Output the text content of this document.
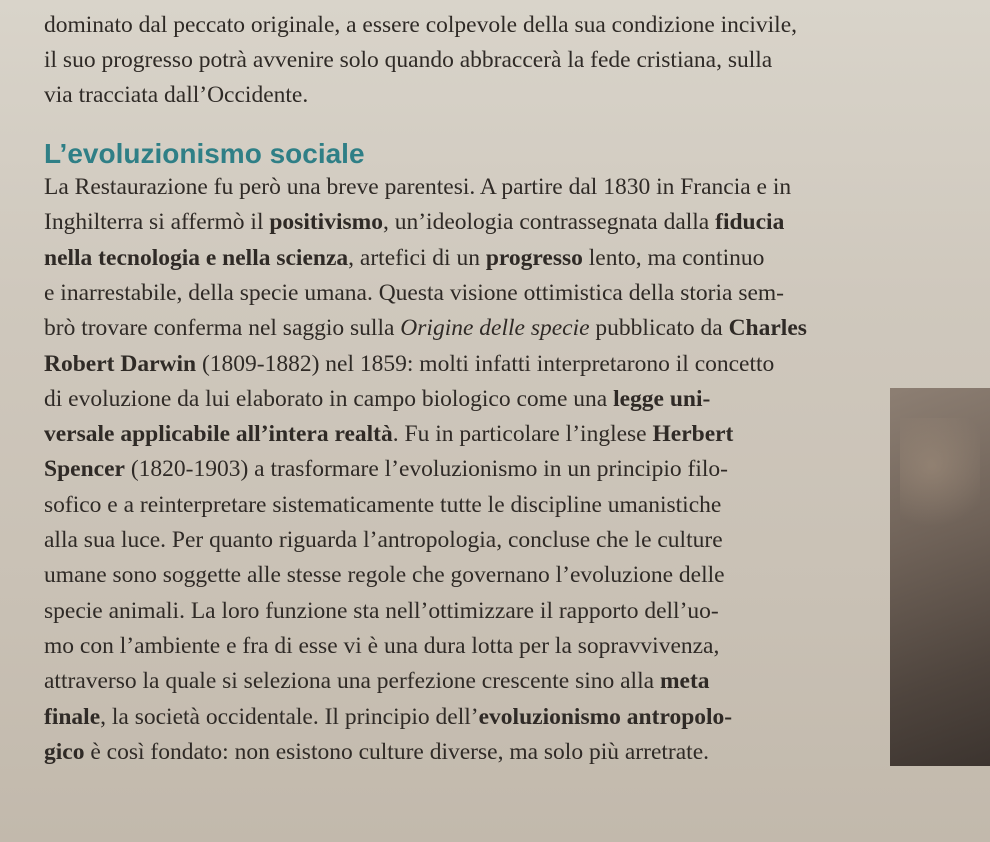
dominato dal peccato originale, a essere colpevole della sua condizione incivile,
il suo progresso potrà avvenire solo quando abbraccerà la fede cristiana, sulla
via tracciata dall’Occidente.
L’evoluzionismo sociale
La Restaurazione fu però una breve parentesi. A partire dal 1830 in Francia e in
Inghilterra si affermò il positivismo, un’ideologia contrassegnata dalla fiducia
nella tecnologia e nella scienza, artefici di un progresso lento, ma continuo
e inarrestabile, della specie umana. Questa visione ottimistica della storia sem-
brò trovare conferma nel saggio sulla Origine delle specie pubblicato da Charles
Robert Darwin (1809-1882) nel 1859: molti infatti interpretarono il concetto
di evoluzione da lui elaborato in campo biologico come una legge uni-
versale applicabile all’intera realtà. Fu in particolare l’inglese Herbert
Spencer (1820-1903) a trasformare l’evoluzionismo in un principio filo-
sofico e a reinterpretare sistematicamente tutte le discipline umanistiche
alla sua luce. Per quanto riguarda l’antropologia, concluse che le culture
umane sono soggette alle stesse regole che governano l’evoluzione delle
specie animali. La loro funzione sta nell’ottimizzare il rapporto dell’uo-
mo con l’ambiente e fra di esse vi è una dura lotta per la sopravvivenza,
attraverso la quale si seleziona una perfezione crescente sino alla meta
finale, la società occidentale. Il principio dell’evoluzionismo antropolo-
gico è così fondato: non esistono culture diverse, ma solo più arretrate.
